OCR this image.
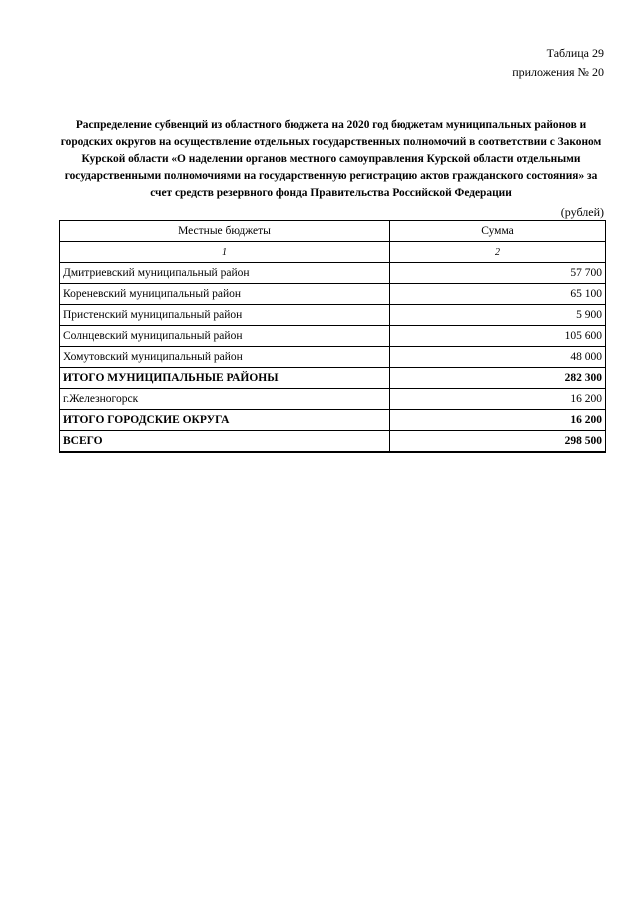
Таблица 29
приложения № 20
Распределение субвенций из областного бюджета на 2020 год бюджетам муниципальных районов и городских округов на осуществление отдельных государственных полномочий в соответствии с Законом Курской области «О наделении органов местного самоуправления Курской области отдельными государственными полномочиями на государственную регистрацию актов гражданского состояния» за счет средств резервного фонда Правительства Российской Федерации
(рублей)
Местные бюджеты	Сумма
1	2
Дмитриевский муниципальный район	57 700
Кореневский муниципальный район	65 100
Пристенский муниципальный район	5 900
Солнцевский муниципальный район	105 600
Хомутовский муниципальный район	48 000
ИТОГО МУНИЦИПАЛЬНЫЕ РАЙОНЫ	282 300
г.Железногорск	16 200
ИТОГО ГОРОДСКИЕ ОКРУГА	16 200
ВСЕГО	298 500
